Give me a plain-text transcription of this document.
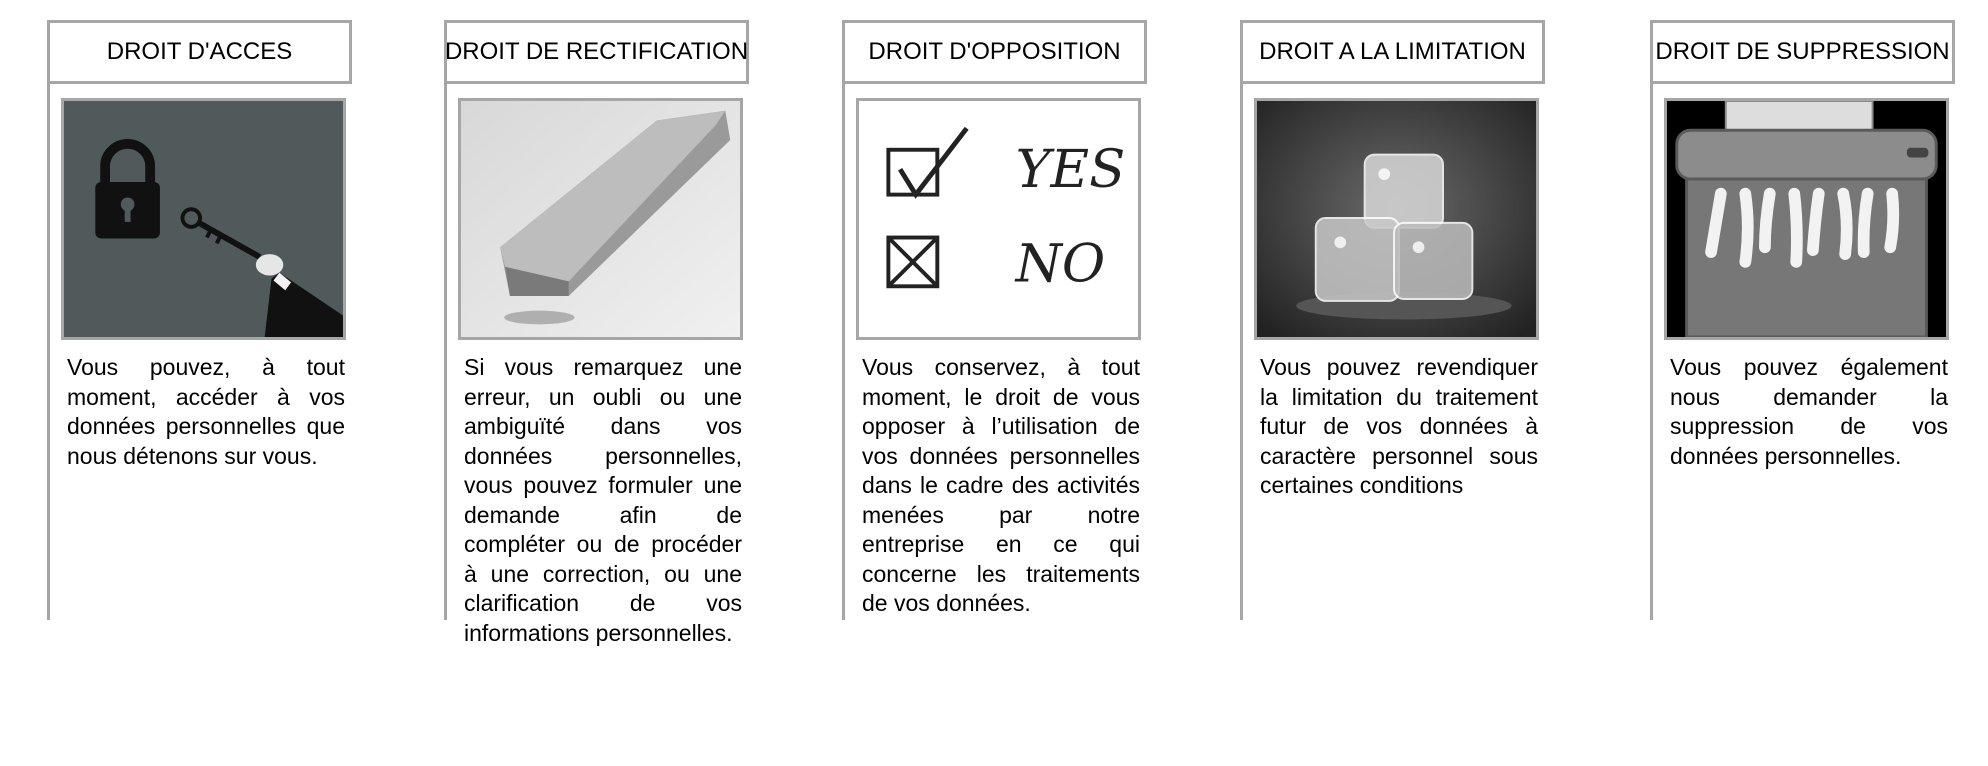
DROIT D'ACCES
Vous pouvez, à tout moment, accéder à vos données personnelles que nous détenons sur vous.
DROIT DE RECTIFICATION
Si vous remarquez une erreur, un oubli ou une ambiguïté dans vos données personnelles, vous pouvez formuler une demande afin de compléter ou de procéder à une correction, ou une clarification de vos informations personnelles.
DROIT D'OPPOSITION
YES
NO
Vous conservez, à tout moment, le droit de vous opposer à l’utilisation de vos données personnelles dans le cadre des activités menées par notre entreprise en ce qui concerne les traitements de vos données.
DROIT A LA LIMITATION
Vous pouvez revendiquer la limitation du traitement futur de vos données à caractère personnel sous certaines conditions
DROIT DE SUPPRESSION
Vous pouvez également nous demander la suppression de vos données personnelles.
